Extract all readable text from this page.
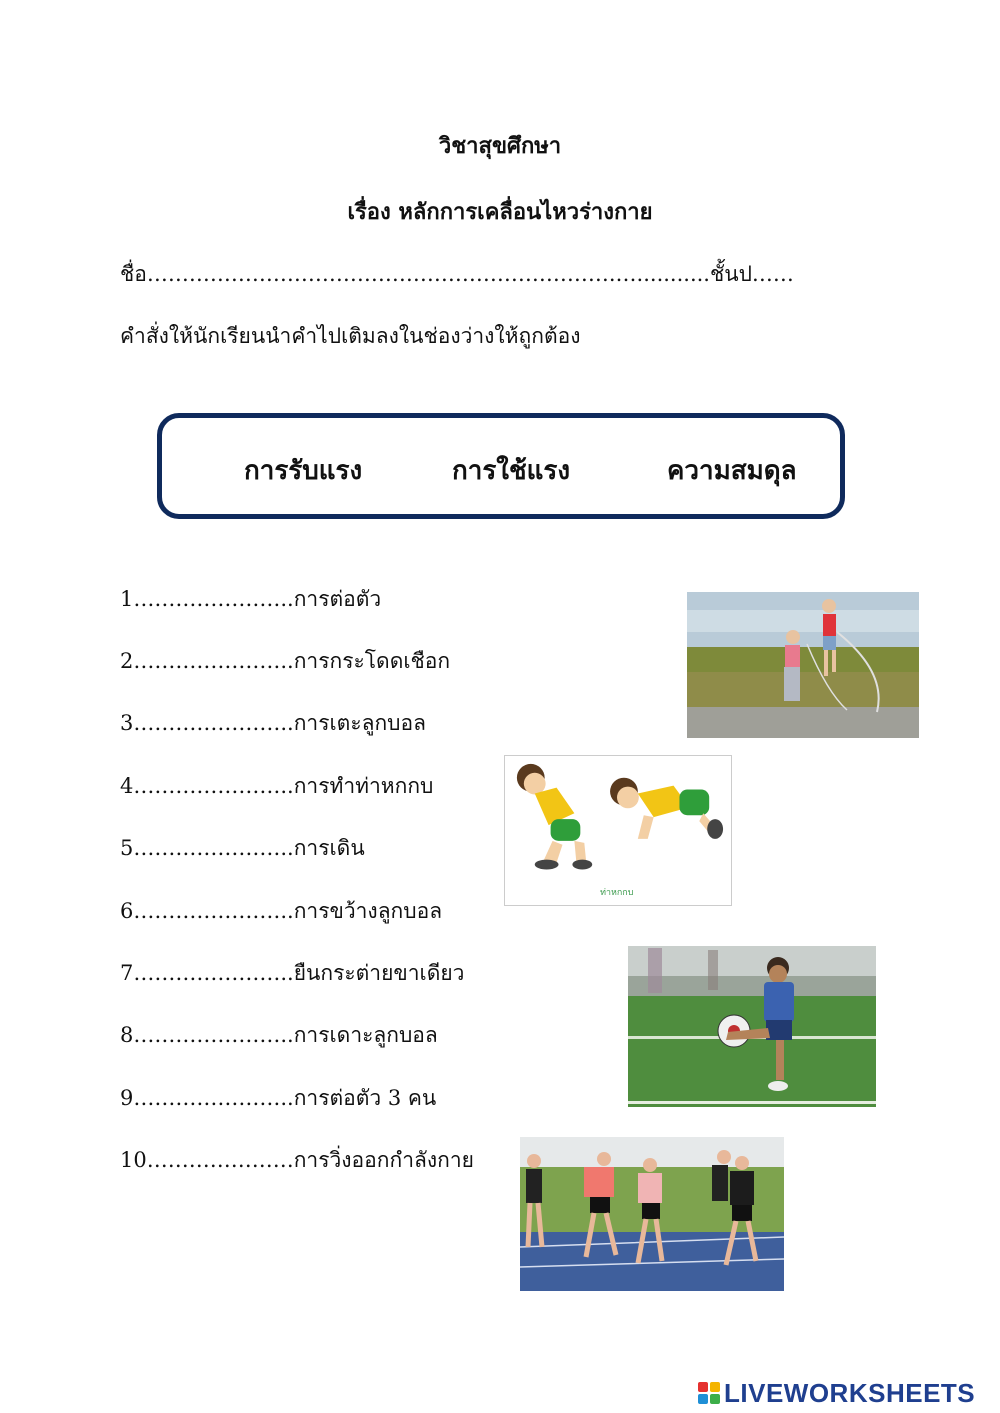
วิชาสุขศึกษา
เรื่อง หลักการเคลื่อนไหวร่างกาย
ชื่อ………………………………………………………….…...........ชั้นป……
คำสั่งให้นักเรียนนำคำไปเติมลงในช่องว่างให้ถูกต้อง
การรับแรง	การใช้แรง	ความสมดุล
1…………………..การต่อตัว
2…………………..การกระโดดเชือก
3…………………..การเตะลูกบอล
4…………………..การทำท่าหกกบ
5…………………..การเดิน
6…………………..การขว้างลูกบอล
7…………………..ยืนกระต่ายขาเดียว
8…………………..การเดาะลูกบอล
9…………………..การต่อตัว 3 คน
10…………………การวิ่งออกกำลังกาย
ท่าหกกบ
LIVEWORKSHEETS
